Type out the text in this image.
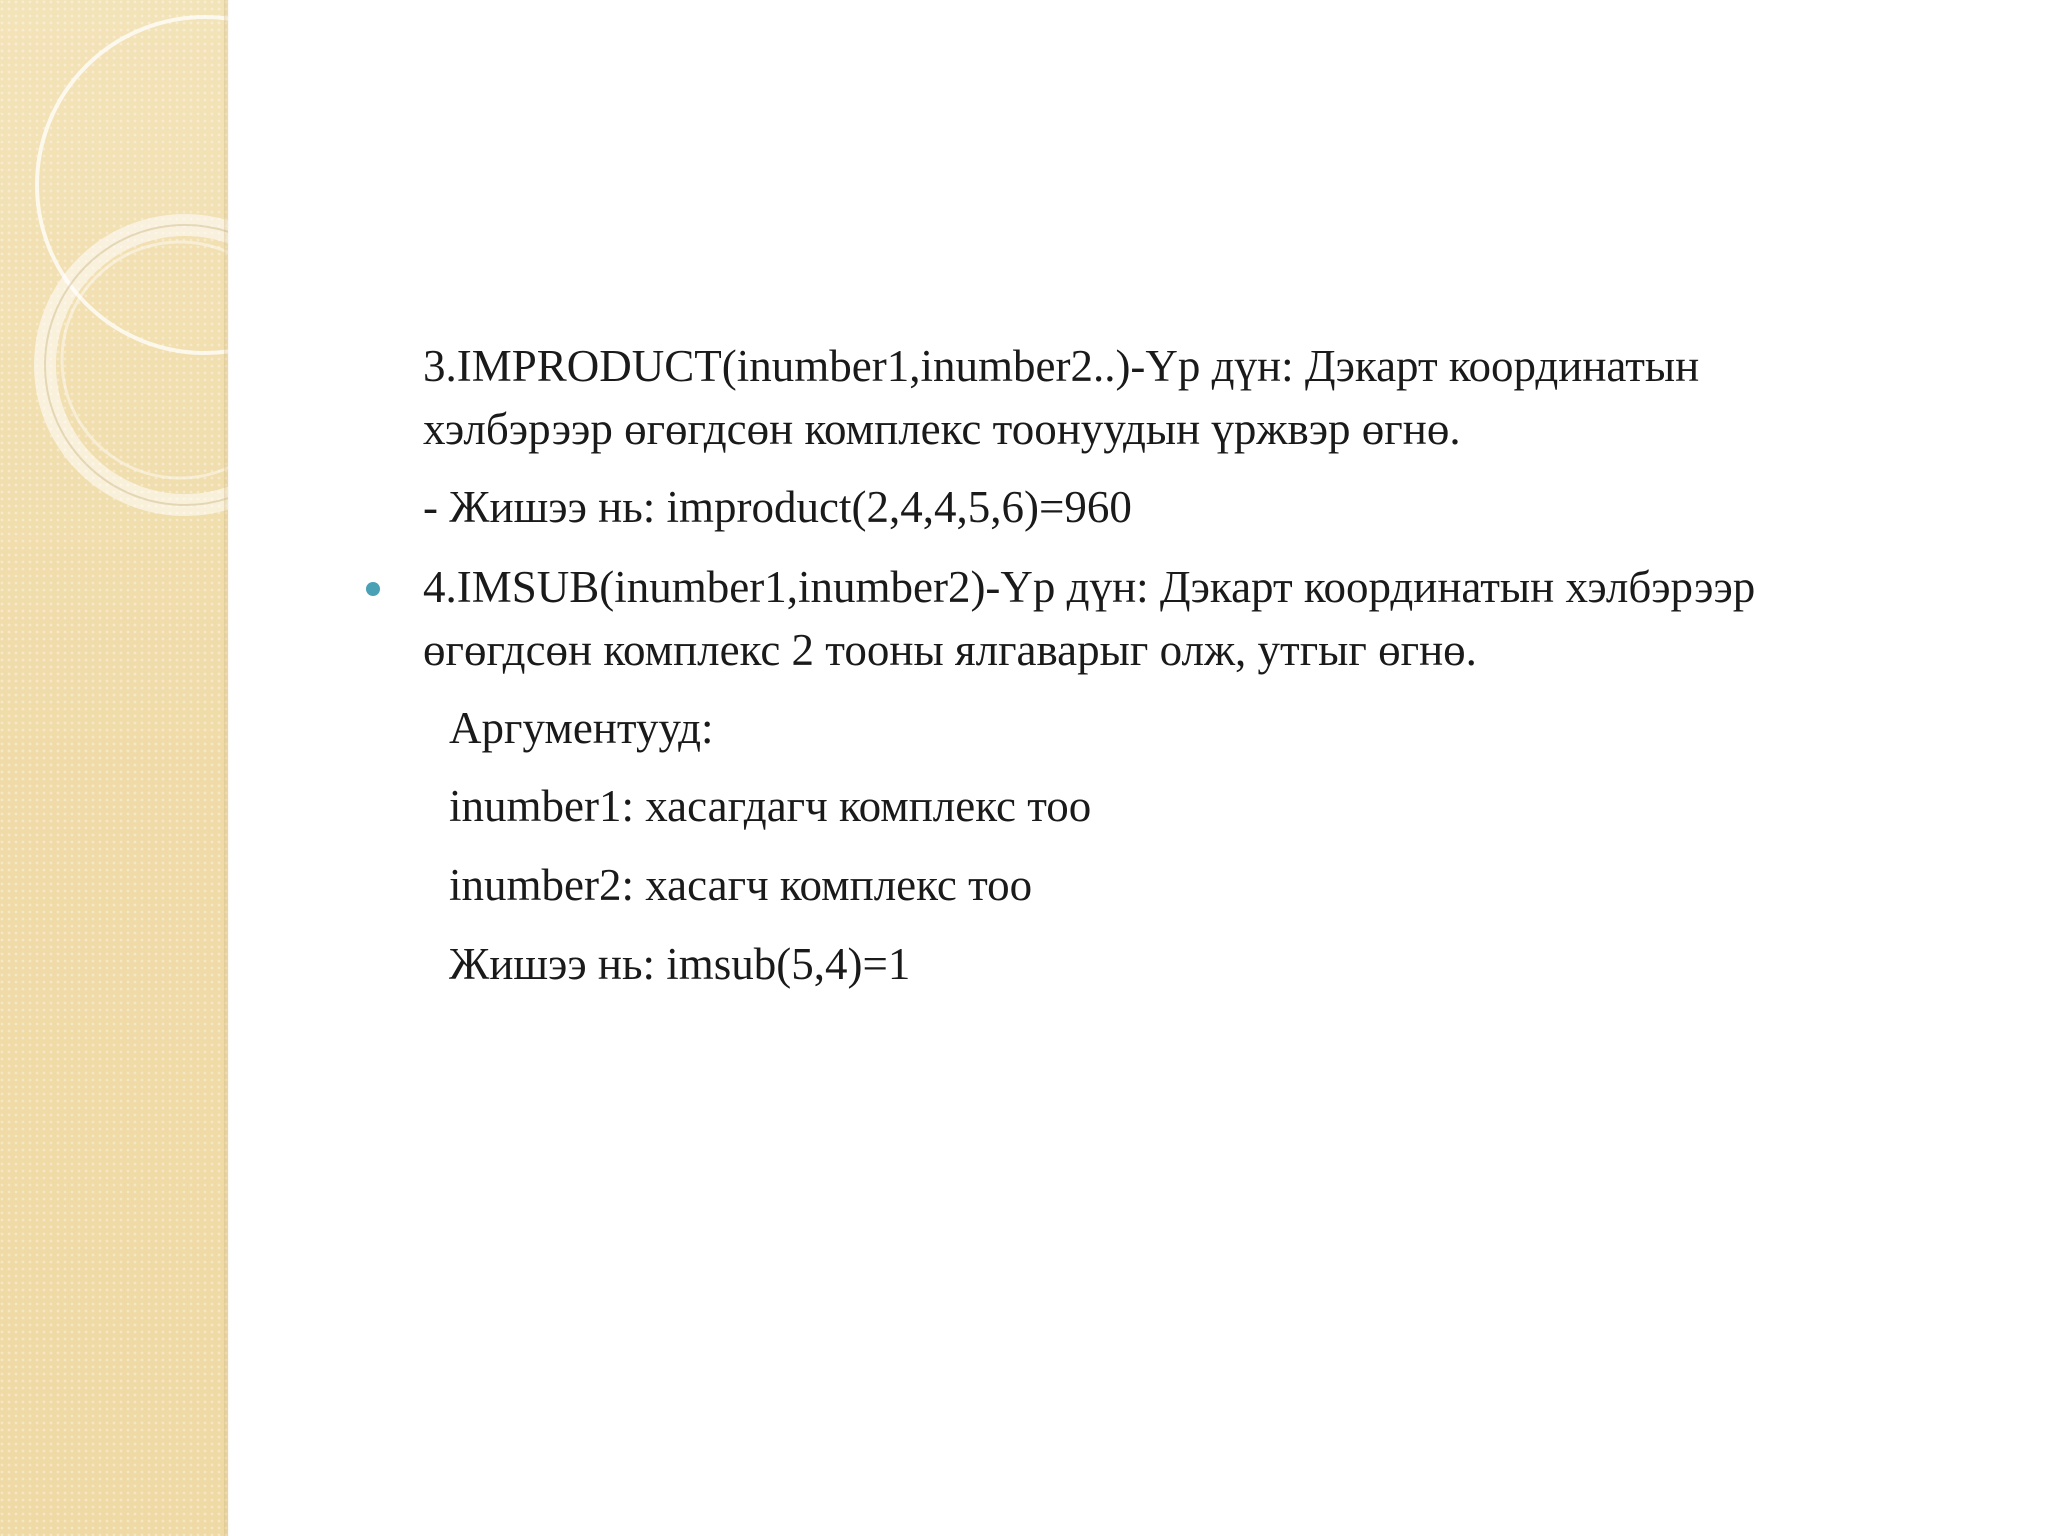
3.IMPRODUCT(inumber1,inumber2..)-Үр дүн: Дэкарт координатын
хэлбэрээр өгөгдсөн комплекс тоонуудын үржвэр өгнө.
- Жишээ нь: improduct(2,4,4,5,6)=960
4.IMSUB(inumber1,inumber2)-Үр дүн: Дэкарт координатын хэлбэрээр
өгөгдсөн комплекс 2 тооны ялгаварыг олж, утгыг өгнө.
Аргументууд:
inumber1: хасагдагч комплекс тоо
inumber2: хасагч комплекс тоо
Жишээ нь: imsub(5,4)=1
